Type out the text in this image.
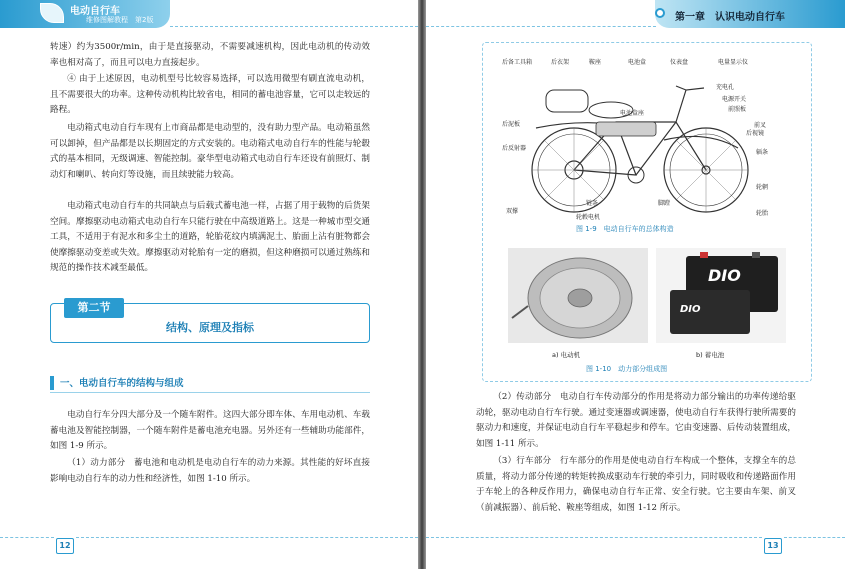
电动自行车
维修图解教程　第2版

转速）约为3500r/min，由于是直接驱动，不需要减速机构，因此电动机的传动效率也相对高了，而且可以电力直接起步。

④ 由于上述原因，电动机型号比较容易选择，可以选用微型有刷直流电动机，且不需要很大的功率。这种传动机构比较省电，相同的蓄电池容量，它可以走较远的路程。

电动箱式电动自行车现有上市商品都是电动型的，没有助力型产品。电动箱虽然可以卸掉，但产品都是以长期固定的方式安装的。电动箱式电动自行车的性能与轮毂式的基本相同，无级调速、智能控制。豪华型电动箱式电动自行车还设有前照灯、制动灯和喇叭、转向灯等设施，而且续驶能力较高。

电动箱式电动自行车的共同缺点与后载式蓄电池一样，占据了用于载物的后货架空间。摩擦驱动电动箱式电动自行车只能行驶在中高级道路上。这是一种城市型交通工具，不适用于有泥水和多尘土的道路，轮胎花纹内填满泥土、胎面上沾有脏物都会使摩擦驱动变差或失效。摩擦驱动对轮胎有一定的磨损，但这种磨损可以通过熟练和规范的操作技术减至最低。

第二节
结构、原理及指标
一、电动自行车的结构与组成

电动自行车分四大部分及一个随车附件。这四大部分即车体、车用电动机、车载蓄电池及智能控制器，一个随车附件是蓄电池充电器。另外还有一些辅助功能部件，如图 1-9 所示。

（1）动力部分　蓄电池和电动机是电动自行车的动力来源。其性能的好坏直接影响电动自行车的动力性和经济性，如图 1-10 所示。

12
第一章　认识电动自行车
后备工具箱	后衣架	鞍座	电池盒	仪表盘	电量显示仪
充电孔
电源开关
前照板
前叉
后视镜
辐条
轮辋
轮胎
后泥板
后反射器
双撑
链条
轮毂电机
脚蹬
电池盒座
图 1-9　电动自行车的总体构造
DIO
DIO
a) 电动机	b) 蓄电池
图 1-10　动力部分组成图

（2）传动部分　电动自行车传动部分的作用是将动力部分输出的功率传递给驱动轮，驱动电动自行车行驶。通过变速器或调速器，使电动自行车获得行驶所需要的驱动力和速度，并保证电动自行车平稳起步和停车。它由变速器、后传动装置组成，如图 1-11 所示。

（3）行车部分　行车部分的作用是使电动自行车构成一个整体，支撑全车的总质量，将动力部分传递的转矩转换成驱动车行驶的牵引力，同时吸收和传递路面作用于车轮上的各种反作用力，确保电动自行车正常、安全行驶。它主要由车架、前叉（前减振器）、前后轮、鞍座等组成，如图 1-12 所示。

13
